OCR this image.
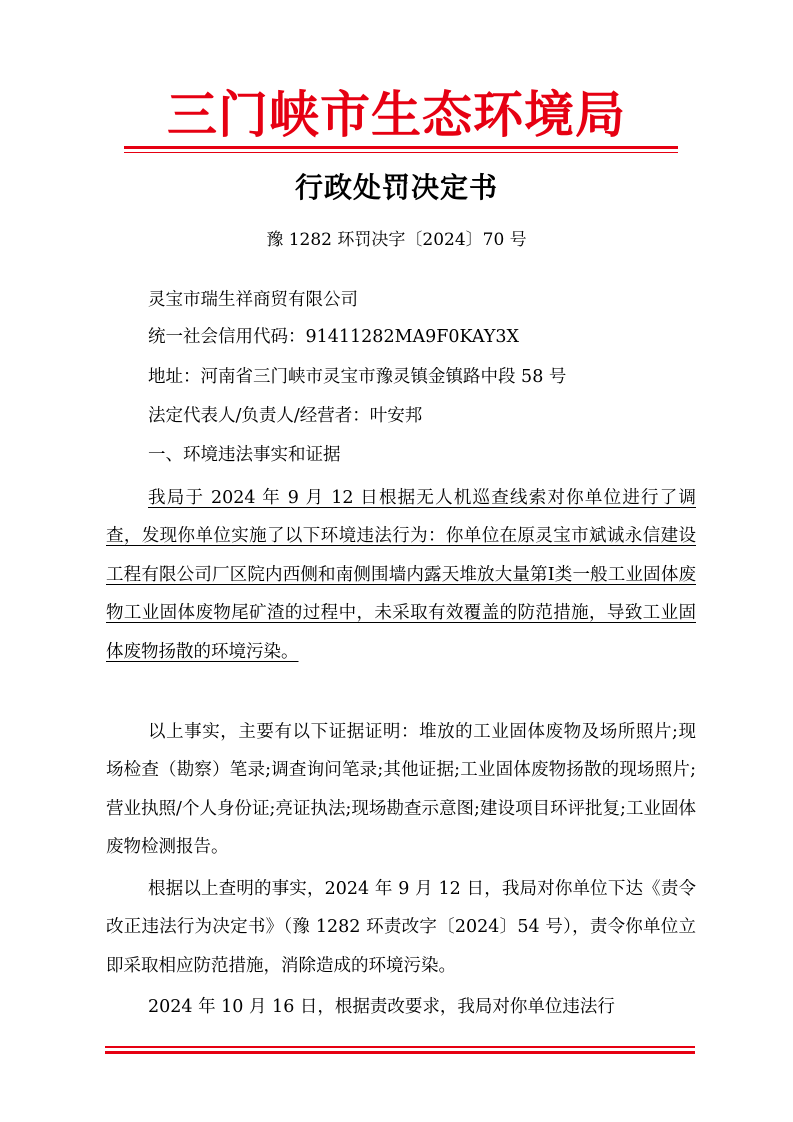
三门峡市生态环境局
行政处罚决定书
豫 1282 环罚决字〔2024〕70 号
灵宝市瑞生祥商贸有限公司
统一社会信用代码：91411282MA9F0KAY3X
地址：河南省三门峡市灵宝市豫灵镇金镇路中段 58 号
法定代表人/负责人/经营者：叶安邦
一、环境违法事实和证据
我局于 2024 年 9 月 12 日根据无人机巡查线索对你单位进行了调查，发现你单位实施了以下环境违法行为：你单位在原灵宝市斌诚永信建设工程有限公司厂区院内西侧和南侧围墙内露天堆放大量第Ⅰ类一般工业固体废物工业固体废物尾矿渣的过程中，未采取有效覆盖的防范措施，导致工业固体废物扬散的环境污染。
以上事实，主要有以下证据证明：堆放的工业固体废物及场所照片;现场检查（勘察）笔录;调查询问笔录;其他证据;工业固体废物扬散的现场照片;营业执照/个人身份证;亮证执法;现场勘查示意图;建设项目环评批复;工业固体废物检测报告。
根据以上查明的事实，2024 年 9 月 12 日，我局对你单位下达《责令改正违法行为决定书》（豫 1282 环责改字〔2024〕54 号），责令你单位立即采取相应防范措施，消除造成的环境污染。
2024 年 10 月 16 日，根据责改要求，我局对你单位违法行
